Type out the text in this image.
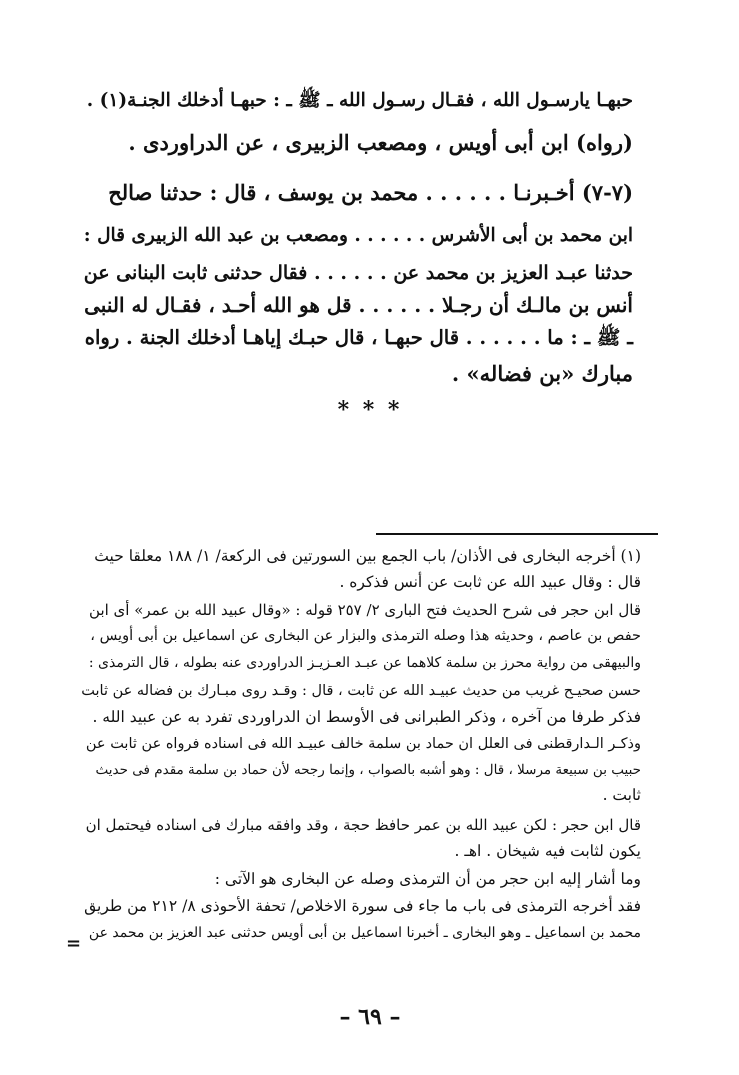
حبهـا يارسـول الله ، فقـال رسـول الله ـ ﷺ ـ : حبهـا أدخلك الجنـة(١) .
(رواه) ابن أبى أويس ، ومصعب الزبيرى ، عن الدراوردى .
(٧-٧) أخـبرنـا . . . . . . محمد بن يوسف ، قال : حدثنا صالح
ابن محمد بن أبى الأشرس . . . . . . ومصعب بن عبد الله الزبيرى قال :
حدثنا عبـد العزيز بن محمد عن . . . . . . فقال حدثنى ثابت البنانى عن
أنس بن مالـك أن رجـلا . . . . . . قل هو الله أحـد ، فقـال له النبى
ـ ﷺ ـ : ما . . . . . . قال حبهـا ، قال حبـك إياهـا أدخلك الجنة . رواه
مبارك «بن فضاله» .
* * *
(١) أخرجه البخارى فى الأذان/ باب الجمع بين السورتين فى الركعة/ ١/ ١٨٨ معلقا حيث
قال : وقال عبيد الله عن ثابت عن أنس فذكره .
قال ابن حجر فى شرح الحديث فتح البارى ٢/ ٢٥٧ قوله : «وقال عبيد الله بن عمر» أى ابن
حفص بن عاصم ، وحديثه هذا وصله الترمذى والبزار عن البخارى عن اسماعيل بن أبى أويس ،
والبيهقى من رواية محرز بن سلمة كلاهما عن عبـد العـزيـز الدراوردى عنه بطوله ، قال الترمذى :
حسن صحيـح غريب من حديث عبيـد الله عن ثابت ، قال : وقـد روى مبـارك بن فضاله عن ثابت
فذكر طرفا من آخره ، وذكر الطبرانى فى الأوسط ان الدراوردى تفرد به عن عبيد الله .
وذكـر الـدارقطنى فى العلل ان حماد بن سلمة خالف عبيـد الله فى اسناده فرواه عن ثابت عن
حبيب بن سبيعة مرسلا ، قال : وهو أشبه بالصواب ، وإنما رجحه لأن حماد بن سلمة مقدم فى حديث
ثابت .
قال ابن حجر : لكن عبيد الله بن عمر حافظ حجة ، وقد وافقه مبارك فى اسناده فيحتمل ان
يكون لثابت فيه شيخان . اهـ .
وما أشار إليه ابن حجر من أن الترمذى وصله عن البخارى هو الآتى :
فقد أخرجه الترمذى فى باب ما جاء فى سورة الاخلاص/ تحفة الأحوذى ٨/ ٢١٢ من طريق
محمد بن اسماعيل ـ وهو البخارى ـ أخبرنا اسماعيل بن أبى أويس حدثنى عبد العزيز بن محمد عن
=
– ٦٩ –
